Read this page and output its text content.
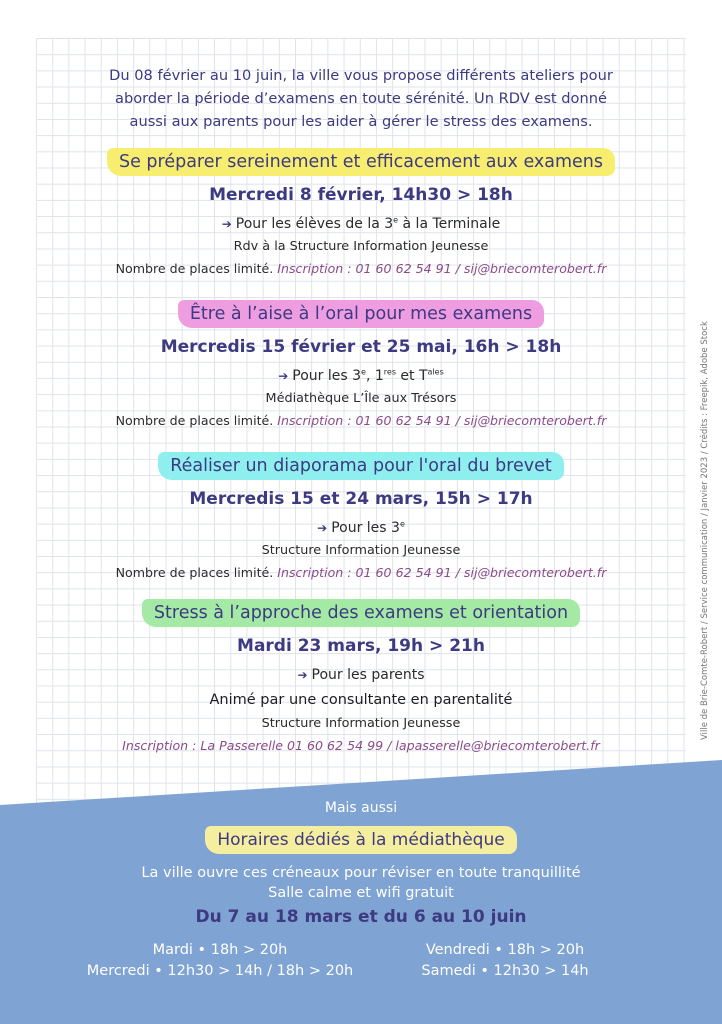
Du 08 février au 10 juin, la ville vous propose différents ateliers pour
aborder la période d’examens en toute sérénité. Un RDV est donné
aussi aux parents pour les aider à gérer le stress des examens.
Se préparer sereinement et efficacement aux examens
Mercredi 8 février, 14h30 > 18h
➔ Pour les élèves de la 3e à la Terminale
Rdv à la Structure Information Jeunesse
Nombre de places limité. Inscription : 01 60 62 54 91 / sij@briecomterobert.fr
Être à l’aise à l’oral pour mes examens
Mercredis 15 février et 25 mai, 16h > 18h
➔ Pour les 3e, 1res et $T^{ales}$
Médiathèque L’Île aux Trésors
Nombre de places limité. Inscription : 01 60 62 54 91 / sij@briecomterobert.fr
Réaliser un diaporama pour l'oral du brevet
Mercredis 15 et 24 mars, 15h > 17h
➔ Pour les 3e
Structure Information Jeunesse
Nombre de places limité. Inscription : 01 60 62 54 91 / sij@briecomterobert.fr
Stress à l’approche des examens et orientation
Mardi 23 mars, 19h > 21h
➔ Pour les parents
Animé par une consultante en parentalité
Structure Information Jeunesse
Inscription : La Passerelle 01 60 62 54 99 / lapasserelle@briecomterobert.fr
Ville de Brie-Comte-Robert / Service communication / Janvier 2023 / Crédits : Freepik, Adobe Stock
Mais aussi
Horaires dédiés à la médiathèque
La ville ouvre ces créneaux pour réviser en toute tranquillité
Salle calme et wifi gratuit
Du 7 au 18 mars et du 6 au 10 juin
Mardi • 18h > 20h
Mercredi • 12h30 > 14h / 18h > 20h
Vendredi • 18h > 20h
Samedi • 12h30 > 14h
